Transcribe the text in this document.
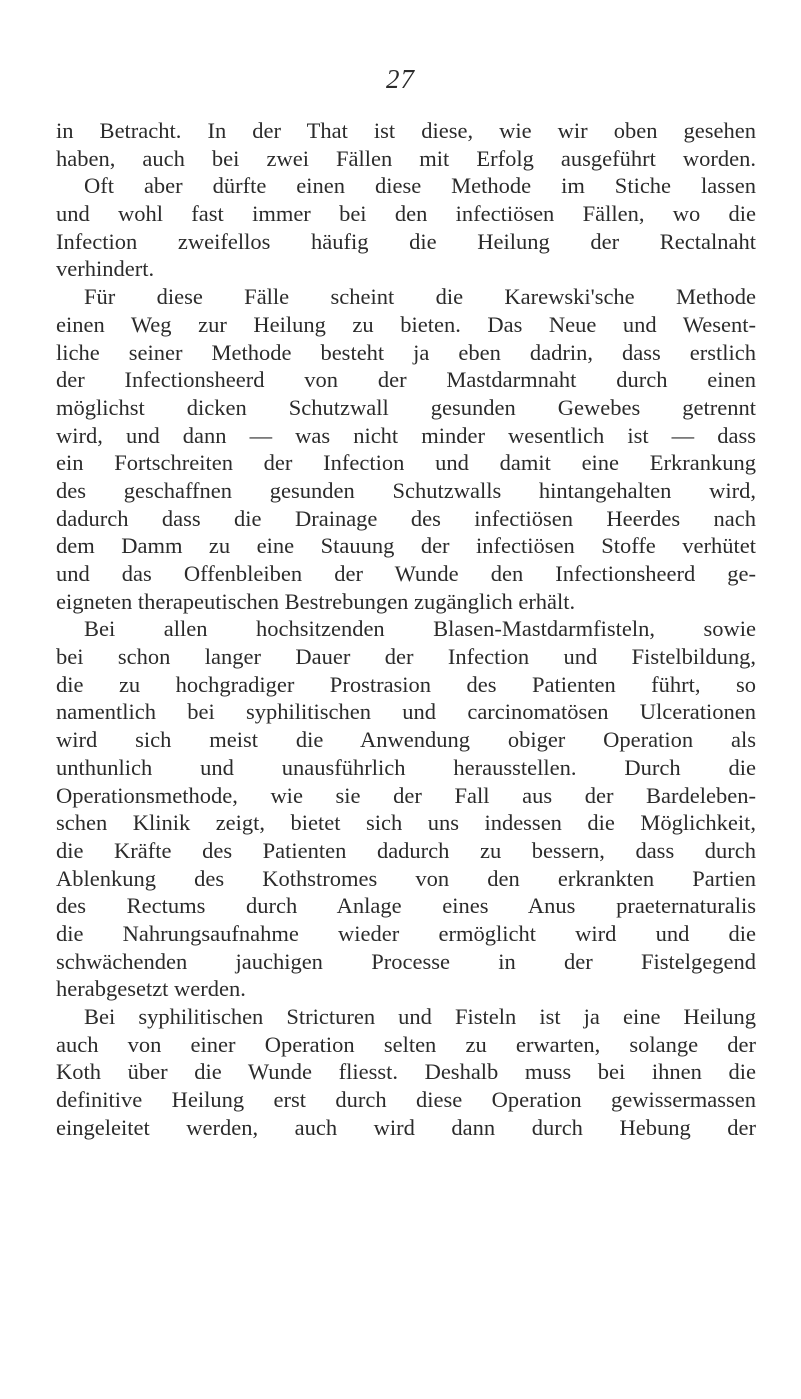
27
in Betracht. In der That ist diese, wie wir oben gesehen
haben, auch bei zwei Fällen mit Erfolg ausgeführt worden.
Oft aber dürfte einen diese Methode im Stiche lassen
und wohl fast immer bei den infectiösen Fällen, wo die
Infection zweifellos häufig die Heilung der Rectalnaht
verhindert.
Für diese Fälle scheint die Karewski'sche Methode
einen Weg zur Heilung zu bieten. Das Neue und Wesent-
liche seiner Methode besteht ja eben dadrin, dass erstlich
der Infectionsheerd von der Mastdarmnaht durch einen
möglichst dicken Schutzwall gesunden Gewebes getrennt
wird, und dann — was nicht minder wesentlich ist — dass
ein Fortschreiten der Infection und damit eine Erkrankung
des geschaffnen gesunden Schutzwalls hintangehalten wird,
dadurch dass die Drainage des infectiösen Heerdes nach
dem Damm zu eine Stauung der infectiösen Stoffe verhütet
und das Offenbleiben der Wunde den Infectionsheerd ge-
eigneten therapeutischen Bestrebungen zugänglich erhält.
Bei allen hochsitzenden Blasen-Mastdarmfisteln, sowie
bei schon langer Dauer der Infection und Fistelbildung,
die zu hochgradiger Prostrasion des Patienten führt, so
namentlich bei syphilitischen und carcinomatösen Ulcerationen
wird sich meist die Anwendung obiger Operation als
unthunlich und unausführlich herausstellen. Durch die
Operationsmethode, wie sie der Fall aus der Bardeleben-
schen Klinik zeigt, bietet sich uns indessen die Möglichkeit,
die Kräfte des Patienten dadurch zu bessern, dass durch
Ablenkung des Kothstromes von den erkrankten Partien
des Rectums durch Anlage eines Anus praeternaturalis
die Nahrungsaufnahme wieder ermöglicht wird und die
schwächenden jauchigen Processe in der Fistelgegend
herabgesetzt werden.
Bei syphilitischen Stricturen und Fisteln ist ja eine Heilung
auch von einer Operation selten zu erwarten, solange der
Koth über die Wunde fliesst. Deshalb muss bei ihnen die
definitive Heilung erst durch diese Operation gewissermassen
eingeleitet werden, auch wird dann durch Hebung der
